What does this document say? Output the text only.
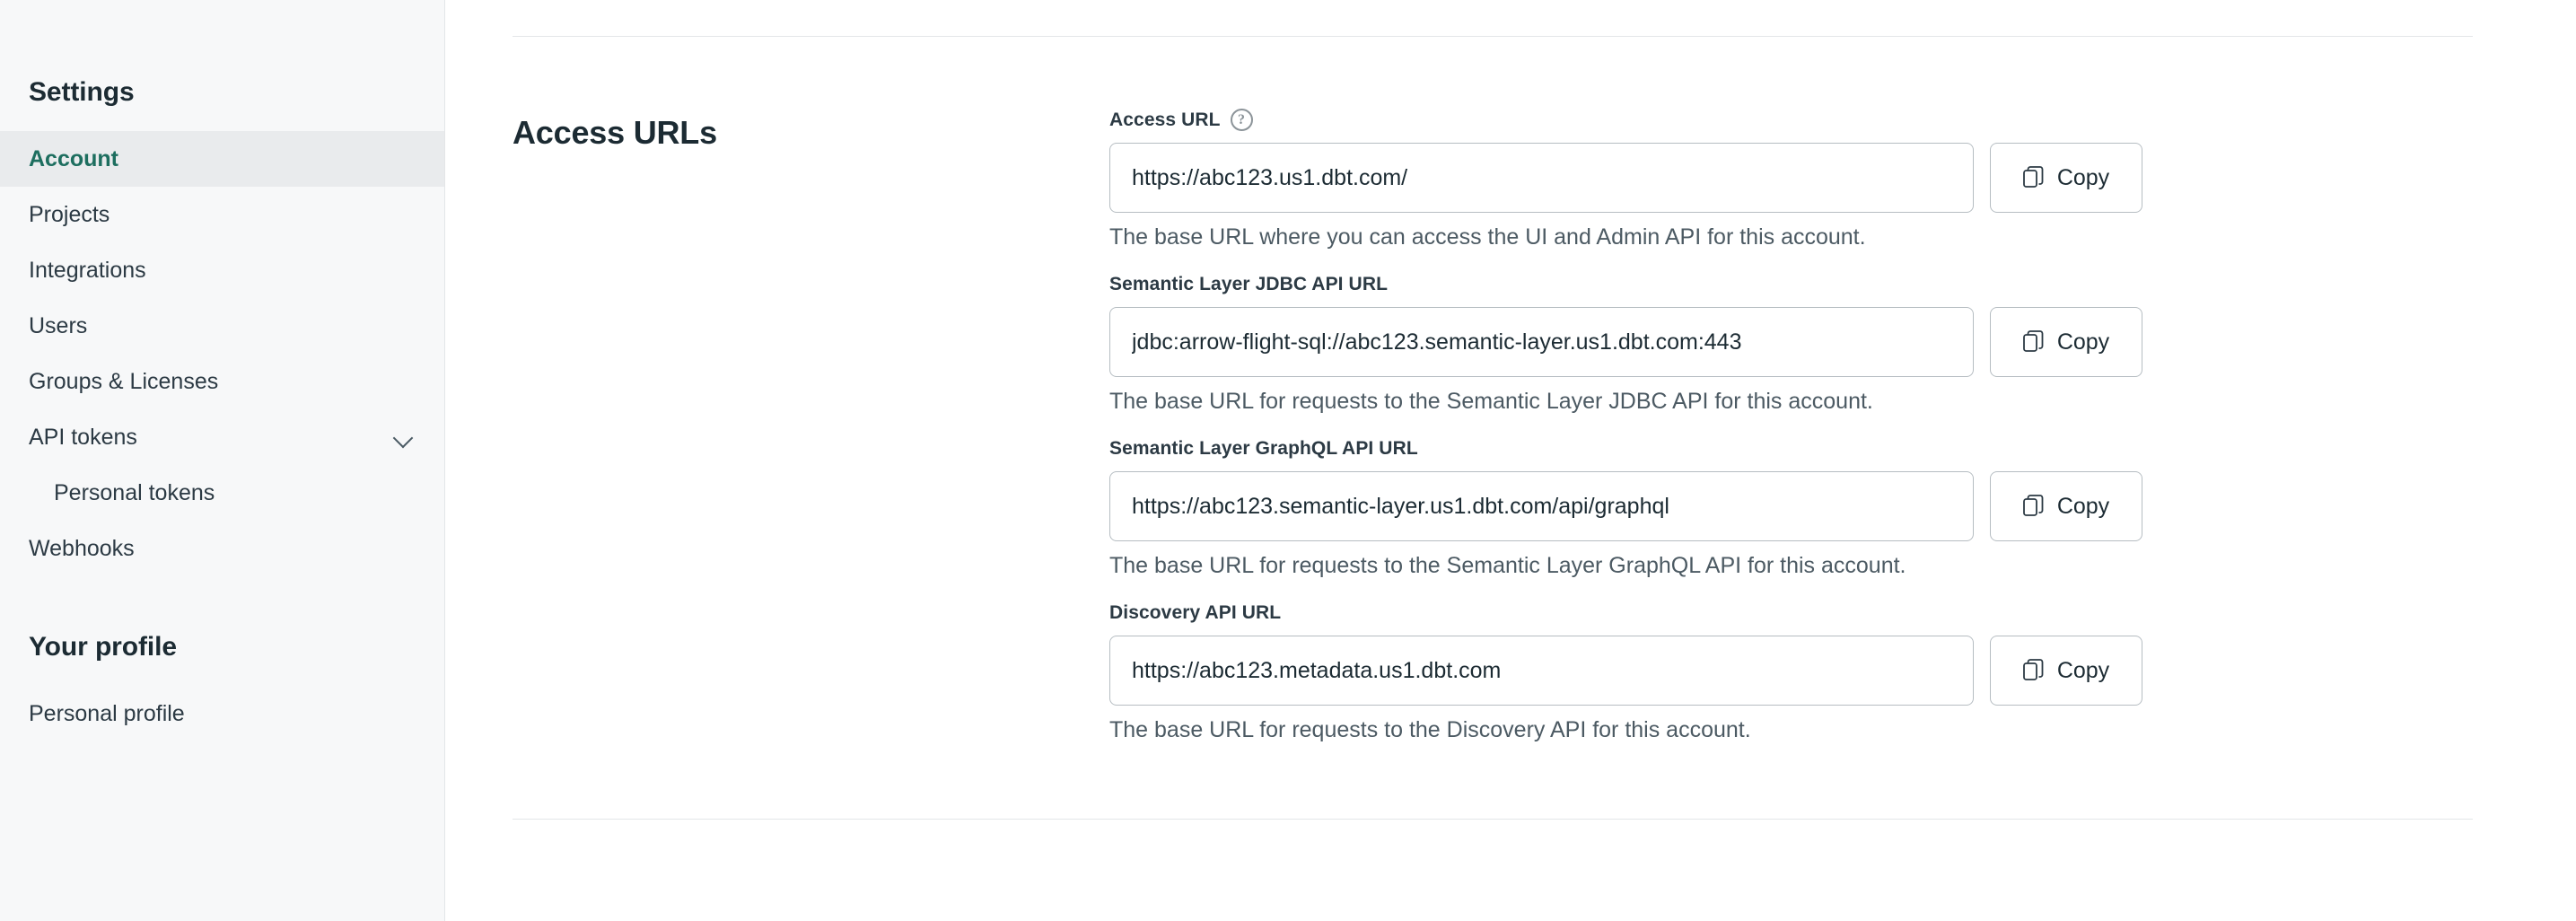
Settings
Account
Projects
Integrations
Users
Groups & Licenses
API tokens
Personal tokens
Webhooks
Your profile
Personal profile
Access URLs	Access URL	?
https://abc123.us1.dbt.com/
Copy
The base URL where you can access the UI and Admin API for this account.
Semantic Layer JDBC API URL
jdbc:arrow-flight-sql://abc123.semantic-layer.us1.dbt.com:443
Copy
The base URL for requests to the Semantic Layer JDBC API for this account.
Semantic Layer GraphQL API URL
https://abc123.semantic-layer.us1.dbt.com/api/graphql
Copy
The base URL for requests to the Semantic Layer GraphQL API for this account.
Discovery API URL
https://abc123.metadata.us1.dbt.com
Copy
The base URL for requests to the Discovery API for this account.
